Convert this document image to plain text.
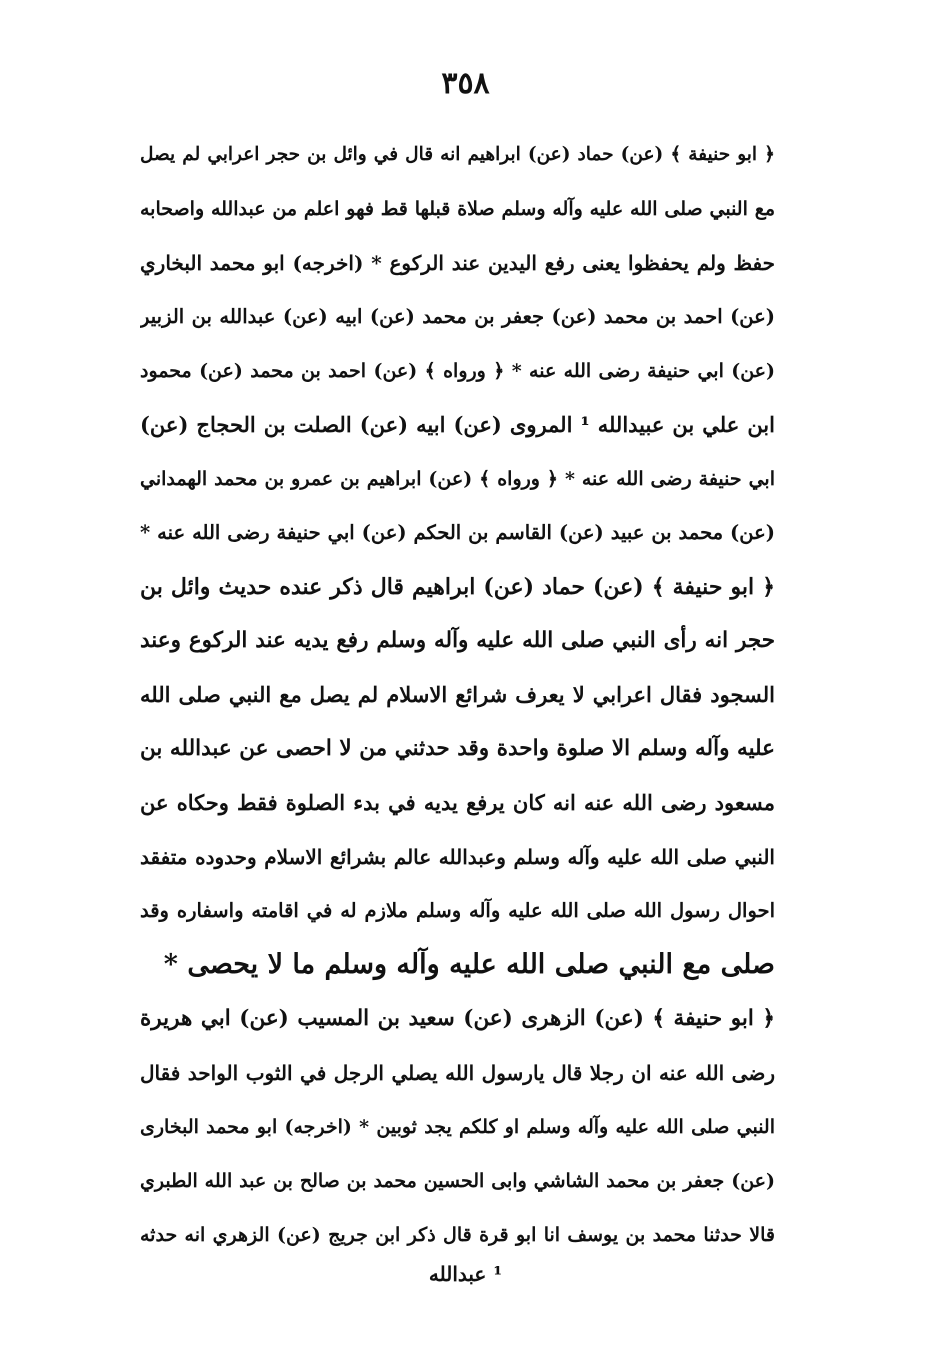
٣٥٨
﴿ ابو حنيفة ﴾ (عن) حماد (عن) ابراهيم انه قال في وائل بن حجر اعرابي لم يصل
مع النبي صلى الله عليه وآله وسلم صلاة قبلها قط فهو اعلم من عبدالله واصحابه
حفظ ولم يحفظوا يعنى رفع اليدين عند الركوع * (اخرجه) ابو محمد البخاري
(عن) احمد بن محمد (عن) جعفر بن محمد (عن) ابيه (عن) عبدالله بن الزبير
(عن) ابي حنيفة رضى الله عنه * ﴿ ورواه ﴾ (عن) احمد بن محمد (عن) محمود
ابن علي بن عبيدالله ¹ المروى (عن) ابيه (عن) الصلت بن الحجاج (عن)
ابي حنيفة رضى الله عنه * ﴿ ورواه ﴾ (عن) ابراهيم بن عمرو بن محمد الهمداني
(عن) محمد بن عبيد (عن) القاسم بن الحكم (عن) ابي حنيفة رضى الله عنه *
﴿ ابو حنيفة ﴾ (عن) حماد (عن) ابراهيم قال ذكر عنده حديث وائل بن
حجر انه رأى النبي صلى الله عليه وآله وسلم رفع يديه عند الركوع وعند
السجود فقال اعرابي لا يعرف شرائع الاسلام لم يصل مع النبي صلى الله
عليه وآله وسلم الا صلوة واحدة وقد حدثني من لا احصى عن عبدالله بن
مسعود رضى الله عنه انه كان يرفع يديه في بدء الصلوة فقط وحكاه عن
النبي صلى الله عليه وآله وسلم وعبدالله عالم بشرائع الاسلام وحدوده متفقد
احوال رسول الله صلى الله عليه وآله وسلم ملازم له في اقامته واسفاره وقد
صلى مع النبي صلى الله عليه وآله وسلم ما لا يحصى *
﴿ ابو حنيفة ﴾ (عن) الزهرى (عن) سعيد بن المسيب (عن) ابي هريرة
رضى الله عنه ان رجلا قال يارسول الله يصلي الرجل في الثوب الواحد فقال
النبي صلى الله عليه وآله وسلم او كلكم يجد ثوبين * (اخرجه) ابو محمد البخارى
(عن) جعفر بن محمد الشاشي وابى الحسين محمد بن صالح بن عبد الله الطبري
قالا حدثنا محمد بن يوسف انا ابو قرة قال ذكر ابن جريج (عن) الزهري انه حدثه
¹ عبدالله
